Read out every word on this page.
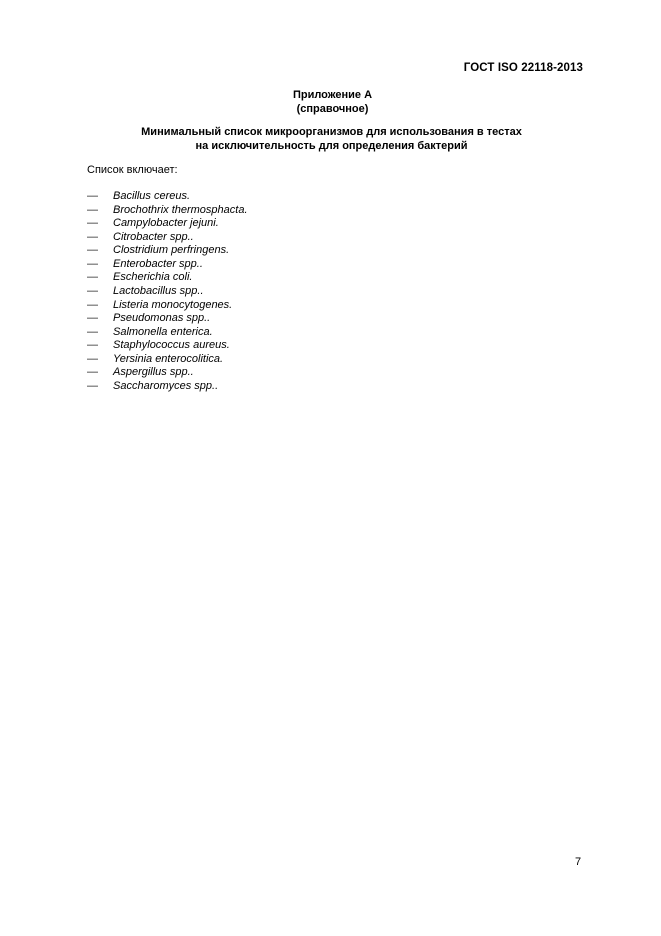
ГОСТ ISO 22118-2013
Приложение А
(справочное)
Минимальный список микроорганизмов для использования в тестах
на исключительность для определения бактерий
Список включает:
—	Bacillus cereus.
—	Brochothrix thermosphacta.
—	Campylobacter jejuni.
—	Citrobacter spp..
—	Clostridium perfringens.
—	Enterobacter spp..
—	Escherichia coli.
—	Lactobacillus spp..
—	Listeria monocytogenes.
—	Pseudomonas spp..
—	Salmonella enterica.
—	Staphylococcus aureus.
—	Yersinia enterocolitica.
—	Aspergillus spp..
—	Saccharomyces spp..
7
